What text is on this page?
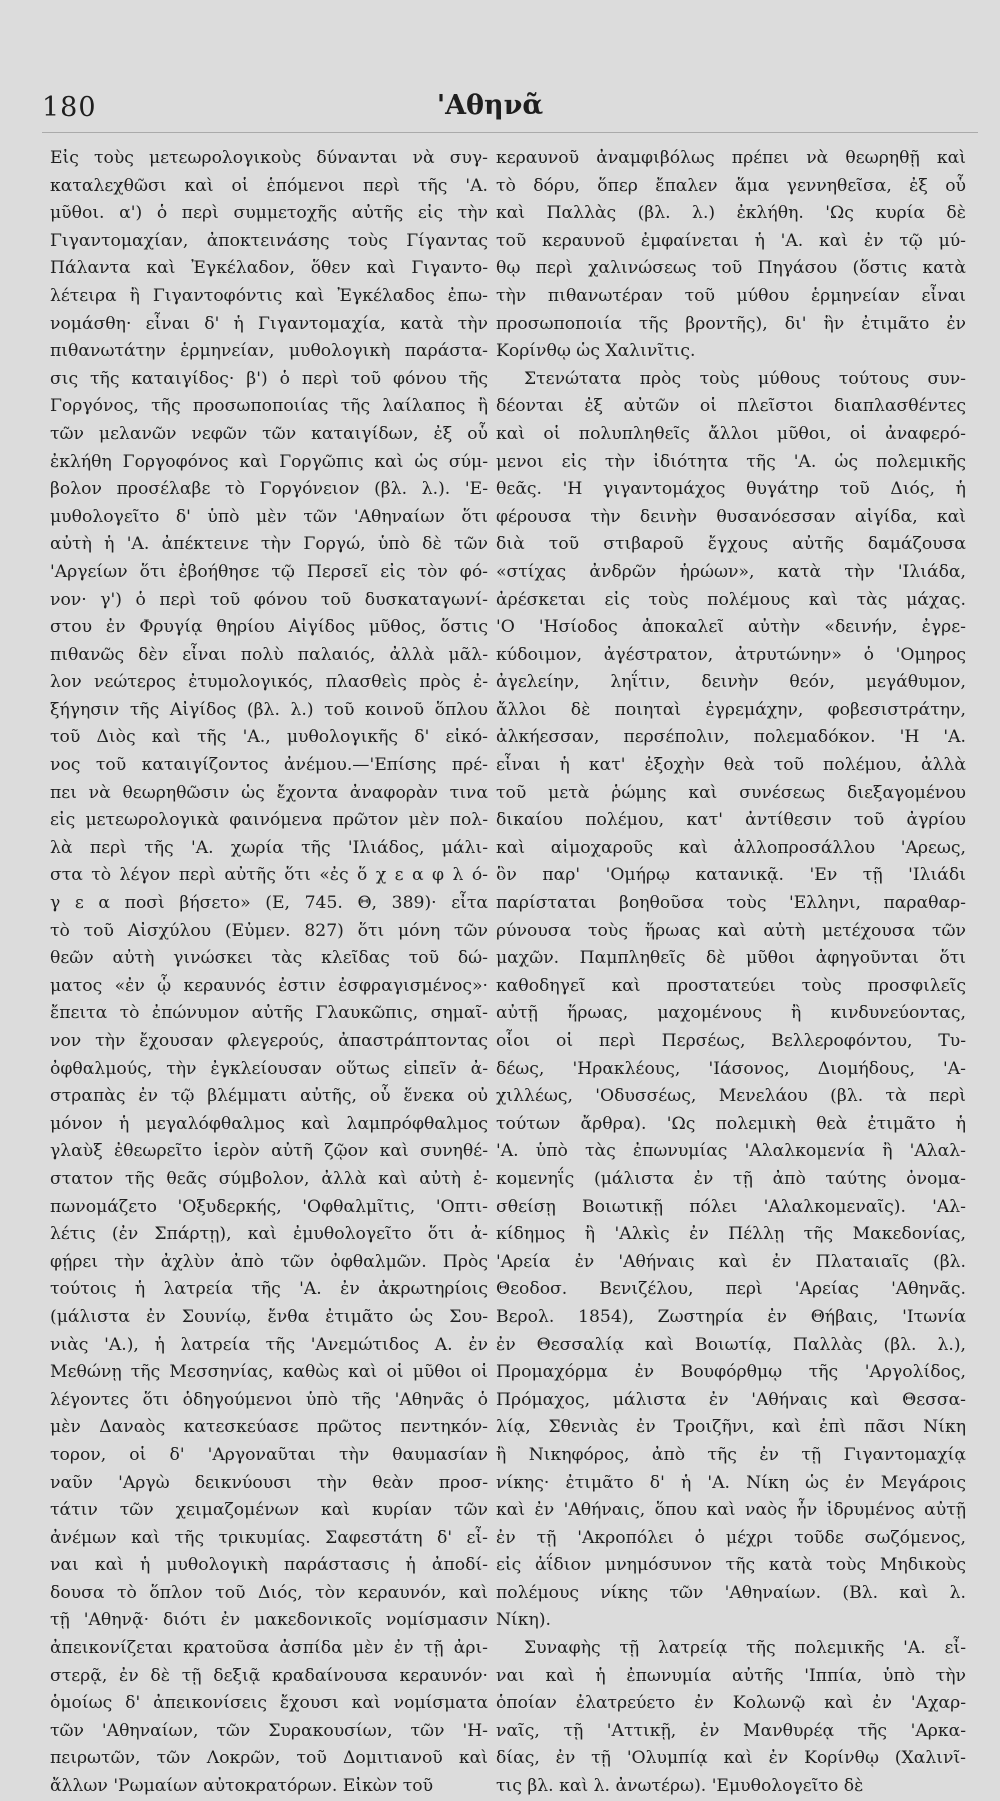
180	'Αθηνᾶ
Εἰς τοὺς μετεωρολογικοὺς δύνανται νὰ συγ-
καταλεχθῶσι καὶ οἱ ἑπόμενοι περὶ τῆς 'Α.
μῦθοι. α') ὁ περὶ συμμετοχῆς αὐτῆς εἰς τὴν
Γιγαντομαχίαν, ἀποκτεινάσης τοὺς Γίγαντας
Πάλαντα καὶ Ἐγκέλαδον, ὅθεν καὶ Γιγαντο-
λέτειρα ἢ Γιγαντοφόντις καὶ Ἐγκέλαδος ἐπω-
νομάσθη· εἶναι δ' ἡ Γιγαντομαχία, κατὰ τὴν
πιθανωτάτην ἑρμηνείαν, μυθολογικὴ παράστα-
σις τῆς καταιγίδος· β') ὁ περὶ τοῦ φόνου τῆς
Γοργόνος, τῆς προσωποποιίας τῆς λαίλαπος ἢ
τῶν μελανῶν νεφῶν τῶν καταιγίδων, ἐξ οὗ
ἐκλήθη Γοργοφόνος καὶ Γοργῶπις καὶ ὡς σύμ-
βολον προσέλαβε τὸ Γοργόνειον (βλ. λ.). 'Ε-
μυθολογεῖτο δ' ὑπὸ μὲν τῶν 'Αθηναίων ὅτι
αὐτὴ ἡ 'Α. ἀπέκτεινε τὴν Γοργώ, ὑπὸ δὲ τῶν
'Αργείων ὅτι ἐβοήθησε τῷ Περσεῖ εἰς τὸν φό-
νον· γ') ὁ περὶ τοῦ φόνου τοῦ δυσκαταγωνί-
στου ἐν Φρυγίᾳ θηρίου Αἰγίδος μῦθος, ὅστις
πιθανῶς δὲν εἶναι πολὺ παλαιός, ἀλλὰ μᾶλ-
λον νεώτερος ἐτυμολογικός, πλασθεὶς πρὸς ἐ-
ξήγησιν τῆς Αἰγίδος (βλ. λ.) τοῦ κοινοῦ ὅπλου
τοῦ Διὸς καὶ τῆς 'Α., μυθολογικῆς δ' εἰκό-
νος τοῦ καταιγίζοντος ἀνέμου.—'Επίσης πρέ-
πει νὰ θεωρηθῶσιν ὡς ἔχοντα ἀναφορὰν τινα
εἰς μετεωρολογικὰ φαινόμενα πρῶτον μὲν πολ-
λὰ περὶ τῆς 'Α. χωρία τῆς 'Ιλιάδος, μάλι-
στα τὸ λέγον περὶ αὐτῆς ὅτι «ἐς ὅ χ ε α φ λ ό-
γ ε α ποσὶ βήσετο» (Ε, 745. Θ, 389)· εἶτα
τὸ τοῦ Αἰσχύλου (Εὐμεν. 827) ὅτι μόνη τῶν
θεῶν αὐτὴ γινώσκει τὰς κλεῖδας τοῦ δώ-
ματος «ἐν ᾧ κεραυνός ἐστιν ἐσφραγισμένος»·
ἔπειτα τὸ ἐπώνυμον αὐτῆς Γλαυκῶπις, σημαῖ-
νον τὴν ἔχουσαν φλεγερούς, ἀπαστράπτοντας
ὀφθαλμούς, τὴν ἐγκλείουσαν οὕτως εἰπεῖν ἀ-
στραπὰς ἐν τῷ βλέμματι αὐτῆς, οὗ ἕνεκα οὐ
μόνον ἡ μεγαλόφθαλμος καὶ λαμπρόφθαλμος
γλαὺξ ἐθεωρεῖτο ἱερὸν αὐτῆ ζῷον καὶ συνηθέ-
στατον τῆς θεᾶς σύμβολον, ἀλλὰ καὶ αὐτὴ ἐ-
πωνομάζετο 'Οξυδερκής, 'Οφθαλμῖτις, 'Οπτι-
λέτις (ἐν Σπάρτῃ), καὶ ἐμυθολογεῖτο ὅτι ἀ-
φῄρει τὴν ἀχλὺν ἀπὸ τῶν ὀφθαλμῶν. Πρὸς
τούτοις ἡ λατρεία τῆς 'Α. ἐν ἀκρωτηρίοις
(μάλιστα ἐν Σουνίῳ, ἔνθα ἐτιμᾶτο ὡς Σου-
νιὰς 'Α.), ἡ λατρεία τῆς 'Ανεμώτιδος Α. ἐν
Μεθώνῃ τῆς Μεσσηνίας, καθὼς καὶ οἱ μῦθοι οἱ
λέγοντες ὅτι ὁδηγούμενοι ὑπὸ τῆς 'Αθηνᾶς ὁ
μὲν Δαναὸς κατεσκεύασε πρῶτος πεντηκόν-
τορον, οἱ δ' 'Αργοναῦται τὴν θαυμασίαν
ναῦν 'Αργὼ δεικνύουσι τὴν θεὰν προσ-
τάτιν τῶν χειμαζομένων καὶ κυρίαν τῶν
ἀνέμων καὶ τῆς τρικυμίας. Σαφεστάτη δ' εἶ-
ναι καὶ ἡ μυθολογικὴ παράστασις ἡ ἀποδί-
δουσα τὸ ὅπλον τοῦ Διός, τὸν κεραυνόν, καὶ
τῇ 'Αθηνᾷ· διότι ἐν μακεδονικοῖς νομίσμασιν
ἀπεικονίζεται κρατοῦσα ἀσπίδα μὲν ἐν τῇ ἀρι-
στερᾷ, ἐν δὲ τῇ δεξιᾷ κραδαίνουσα κεραυνόν·
ὁμοίως δ' ἀπεικονίσεις ἔχουσι καὶ νομίσματα
τῶν 'Αθηναίων, τῶν Συρακουσίων, τῶν 'Η-
πειρωτῶν, τῶν Λοκρῶν, τοῦ Δομιτιανοῦ καὶ
ἄλλων 'Ρωμαίων αὐτοκρατόρων. Εἰκὼν τοῦ
κεραυνοῦ ἀναμφιβόλως πρέπει νὰ θεωρηθῇ καὶ
τὸ δόρυ, ὅπερ ἔπαλεν ἅμα γεννηθεῖσα, ἐξ οὗ
καὶ Παλλὰς (βλ. λ.) ἐκλήθη. 'Ως κυρία δὲ
τοῦ κεραυνοῦ ἐμφαίνεται ἡ 'Α. καὶ ἐν τῷ μύ-
θῳ περὶ χαλινώσεως τοῦ Πηγάσου (ὅστις κατὰ
τὴν πιθανωτέραν τοῦ μύθου ἑρμηνείαν εἶναι
προσωποποιία τῆς βροντῆς), δι' ἣν ἐτιμᾶτο ἐν
Κορίνθῳ ὡς Χαλινῖτις.
Στενώτατα πρὸς τοὺς μύθους τούτους συν-
δέονται ἐξ αὐτῶν οἱ πλεῖστοι διαπλασθέντες
καὶ οἱ πολυπληθεῖς ἄλλοι μῦθοι, οἱ ἀναφερό-
μενοι εἰς τὴν ἰδιότητα τῆς 'Α. ὡς πολεμικῆς
θεᾶς. 'Η γιγαντομάχος θυγάτηρ τοῦ Διός, ἡ
φέρουσα τὴν δεινὴν θυσανόεσσαν αἰγίδα, καὶ
διὰ τοῦ στιβαροῦ ἔγχους αὐτῆς δαμάζουσα
«στίχας ἀνδρῶν ἡρώων», κατὰ τὴν 'Ιλιάδα,
ἀρέσκεται εἰς τοὺς πολέμους καὶ τὰς μάχας.
'Ο 'Ησίοδος ἀποκαλεῖ αὐτὴν «δεινήν, ἐγρε-
κύδοιμον, ἀγέστρατον, ἀτρυτώνην» ὁ 'Ομηρος
ἀγελείην, ληΐτιν, δεινὴν θεόν, μεγάθυμον,
ἄλλοι δὲ ποιηταὶ ἐγρεμάχην, φοβεσιστράτην,
ἀλκήεσσαν, περσέπολιν, πολεμαδόκον. 'Η 'Α.
εἶναι ἡ κατ' ἐξοχὴν θεὰ τοῦ πολέμου, ἀλλὰ
τοῦ μετὰ ῥώμης καὶ συνέσεως διεξαγομένου
δικαίου πολέμου, κατ' ἀντίθεσιν τοῦ ἀγρίου
καὶ αἱμοχαροῦς καὶ ἀλλοπροσάλλου 'Αρεως,
ὃν παρ' 'Ομήρῳ κατανικᾷ. 'Εν τῇ 'Ιλιάδι
παρίσταται βοηθοῦσα τοὺς 'Ελληνι, παραθαρ-
ρύνουσα τοὺς ἥρωας καὶ αὐτὴ μετέχουσα τῶν
μαχῶν. Παμπληθεῖς δὲ μῦθοι ἀφηγοῦνται ὅτι
καθοδηγεῖ καὶ προστατεύει τοὺς προσφιλεῖς
αὐτῇ ἥρωας, μαχομένους ἢ κινδυνεύοντας,
οἷοι οἱ περὶ Περσέως, Βελλεροφόντου, Τυ-
δέως, 'Ηρακλέους, 'Ιάσονος, Διομήδους, 'Α-
χιλλέως, 'Οδυσσέως, Μενελάου (βλ. τὰ περὶ
τούτων ἄρθρα). 'Ως πολεμικὴ θεὰ ἐτιμᾶτο ἡ
'Α. ὑπὸ τὰς ἐπωνυμίας 'Αλαλκομενία ἢ 'Αλαλ-
κομενηΐς (μάλιστα ἐν τῇ ἀπὸ ταύτης ὀνομα-
σθείσῃ Βοιωτικῇ πόλει 'Αλαλκομεναῖς). 'Αλ-
κίδημος ἢ 'Αλκὶς ἐν Πέλλῃ τῆς Μακεδονίας,
'Αρεία ἐν 'Αθήναις καὶ ἐν Πλαταιαῖς (βλ.
Θεοδοσ. Βενιζέλου, περὶ 'Αρείας 'Αθηνᾶς.
Βερολ. 1854), Ζωστηρία ἐν Θήβαις, 'Ιτωνία
ἐν Θεσσαλίᾳ καὶ Βοιωτίᾳ, Παλλὰς (βλ. λ.),
Προμαχόρμα ἐν Βουφόρθμῳ τῆς 'Αργολίδος,
Πρόμαχος, μάλιστα ἐν 'Αθήναις καὶ Θεσσα-
λίᾳ, Σθενιὰς ἐν Τροιζῆνι, καὶ ἐπὶ πᾶσι Νίκη
ἢ Νικηφόρος, ἀπὸ τῆς ἐν τῇ Γιγαντομαχίᾳ
νίκης· ἐτιμᾶτο δ' ἡ 'Α. Νίκη ὡς ἐν Μεγάροις
καὶ ἐν 'Αθήναις, ὅπου καὶ ναὸς ἦν ἱδρυμένος αὐτῇ
ἐν τῇ 'Ακροπόλει ὁ μέχρι τοῦδε σωζόμενος,
εἰς ἀΐδιον μνημόσυνον τῆς κατὰ τοὺς Μηδικοὺς
πολέμους νίκης τῶν 'Αθηναίων. (Βλ. καὶ λ.
Νίκη).
Συναφὴς τῇ λατρείᾳ τῆς πολεμικῆς 'Α. εἶ-
ναι καὶ ἡ ἐπωνυμία αὐτῆς 'Ιππία, ὑπὸ τὴν
ὁποίαν ἐλατρεύετο ἐν Κολωνῷ καὶ ἐν 'Αχαρ-
ναῖς, τῇ 'Αττικῇ, ἐν Μανθυρέᾳ τῆς 'Αρκα-
δίας, ἐν τῇ 'Ολυμπίᾳ καὶ ἐν Κορίνθῳ (Χαλινῖ-
τις βλ. καὶ λ. ἀνωτέρω). 'Εμυθολογεῖτο δὲ
